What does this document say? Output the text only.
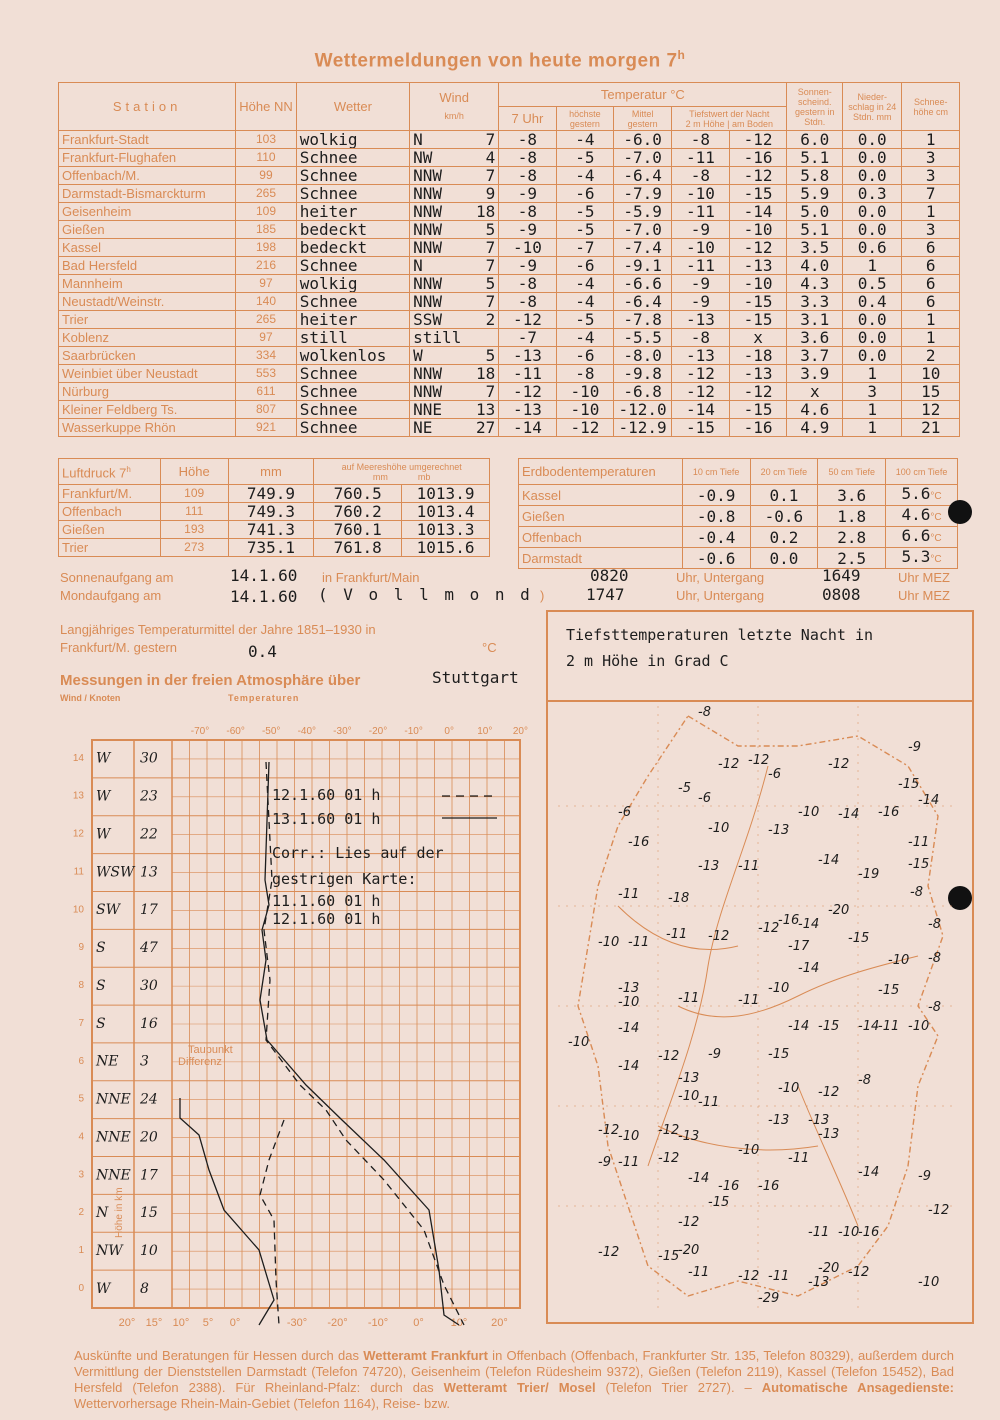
Wettermeldungen von heute morgen 7$^h$
Station	Höhe NN	Wetter	Wind
km/h	Temperatur °C					Sonnen-scheind. gestern in Stdn.	Nieder-schlag in 24 Stdn. mm	Schnee-höhe cm
				7 Uhr	höchste gestern	Mittel gestern	Tiefstwert der Nacht
2 m Höhe | am Boden				
Frankfurt-Stadt	103	wolkig	N 7	-8	-4	-6.0	-8	-12	6.0	0.0	1
Frankfurt-Flughafen	110	Schnee	NW 4	-8	-5	-7.0	-11	-16	5.1	0.0	3
Offenbach/M.	99	Schnee	NNW 7	-8	-4	-6.4	-8	-12	5.8	0.0	3
Darmstadt-Bismarckturm	265	Schnee	NNW 9	-9	-6	-7.9	-10	-15	5.9	0.3	7
Geisenheim	109	heiter	NNW 18	-8	-5	-5.9	-11	-14	5.0	0.0	1
Gießen	185	bedeckt	NNW 5	-9	-5	-7.0	-9	-10	5.1	0.0	3
Kassel	198	bedeckt	NNW 7	-10	-7	-7.4	-10	-12	3.5	0.6	6
Bad Hersfeld	216	Schnee	N 7	-9	-6	-9.1	-11	-13	4.0	1	6
Mannheim	97	wolkig	NNW 5	-8	-4	-6.6	-9	-10	4.3	0.5	6
Neustadt/Weinstr.	140	Schnee	NNW 7	-8	-4	-6.4	-9	-15	3.3	0.4	6
Trier	265	heiter	SSW 2	-12	-5	-7.8	-13	-15	3.1	0.0	1
Koblenz	97	still	still	-7	-4	-5.5	-8	x	3.6	0.0	1
Saarbrücken	334	wolkenlos	W 5	-13	-6	-8.0	-13	-18	3.7	0.0	2
Weinbiet über Neustadt	553	Schnee	NNW 18	-11	-8	-9.8	-12	-13	3.9	1	10
Nürburg	611	Schnee	NNW 7	-12	-10	-6.8	-12	-12	x	3	15
Kleiner Feldberg Ts.	807	Schnee	NNE 13	-13	-10	-12.0	-14	-15	4.6	1	12
Wasserkuppe Rhön	921	Schnee	NE 27	-14	-12	-12.9	-15	-16	4.9	1	21
Luftdruck 7$^h$	Höhe	mm	auf Meereshöhe umgerechnet
mm mb	
Frankfurt/M.	109	749.9	760.5	1013.9
Offenbach	111	749.3	760.2	1013.4
Gießen	193	741.3	760.1	1013.3
Trier	273	735.1	761.8	1015.6
Erdbodentemperaturen	10 cm Tiefe	20 cm Tiefe	50 cm Tiefe	100 cm Tiefe
Kassel	-0.9	0.1	3.6	5.6°C
Gießen	-0.8	-0.6	1.8	4.6°C
Offenbach	-0.4	0.2	2.8	6.6°C
Darmstadt	-0.6	0.0	2.5	5.3°C
Sonnenaufgang am	14.1.60 in Frankfurt/Main	0820	Uhr, Untergang	1649	Uhr MEZ
Mondaufgang am	14.1.60 ( V o l l m o n d )	1747	Uhr, Untergang	0808	Uhr MEZ
Langjähriges Temperaturmittel der Jahre 1851–1930 in
Frankfurt/M. gestern	0.4	°C
Messungen in der freien Atmosphäre über	Stuttgart
Wind / Knoten	Temperaturen
-70° -60° -50° -40° -30° -20° -10° 0° 10° 20°
20° 15° 10° 5° 0°	-30° -20° -10° 0° 10° 20°
14
13
12
11
10
9
8
7
6
5
4
3
2
1
0
Höhe in km
W 30
W 23
W 22
WSW 13
SW 17
S 47
S 30
S 16
NE 3
NNE 24
NNE 20
NNE 17
N 15
NW 10
W 8
Taupunkt
Differenz
12.1.60 01 h
13.1.60 01 h
Corr.: Lies auf der
gestrigen Karte:
11.1.60 01 h
12.1.60 01 h
Tiefsttemperaturen letzte Nacht in
2 m Höhe in Grad C
-8
-9
-12 -12
-6
-12
-5	-15
-14
-6
-6	-10 -14 -16
-10	-13
-11
-16
-13 -11	-14
-19
-15
-8
-11 -18
-20
-11 -12
-16
-14
-12	-8
-10 -11	-17
-15
-14
-10 -8
-10
-13	-15
-10	-11	-11	-8
-14 -15 -14
-11 -10
-10
-14
-9	-15
-12
-8
-14
-13
-10 -12
-11
-10
-13 -13
-12
-10	-13
-12	-13
-9 -11 -12
-10
-11
-14
-14
-16 -16
-9
-15
-12
-12
-11 -10
-16
-20
-12	-15
-20 -12
-11 -12 -11	-10
-13
-29
Auskünfte und Beratungen für Hessen durch das Wetteramt Frankfurt in Offenbach (Offenbach, Frankfurter Str. 135, Telefon 80329), außerdem durch Vermittlung der Dienststellen Darmstadt (Telefon 74720), Geisenheim (Telefon Rüdesheim 9372), Gießen (Telefon 2119), Kassel (Telefon 15452), Bad Hersfeld (Telefon 2388). Für Rheinland-Pfalz: durch das Wetteramt Trier/ Mosel (Telefon Trier 2727). – Automatische Ansagedienste: Wettervorhersage Rhein-Main-Gebiet (Telefon 1164), Reise- bzw.
